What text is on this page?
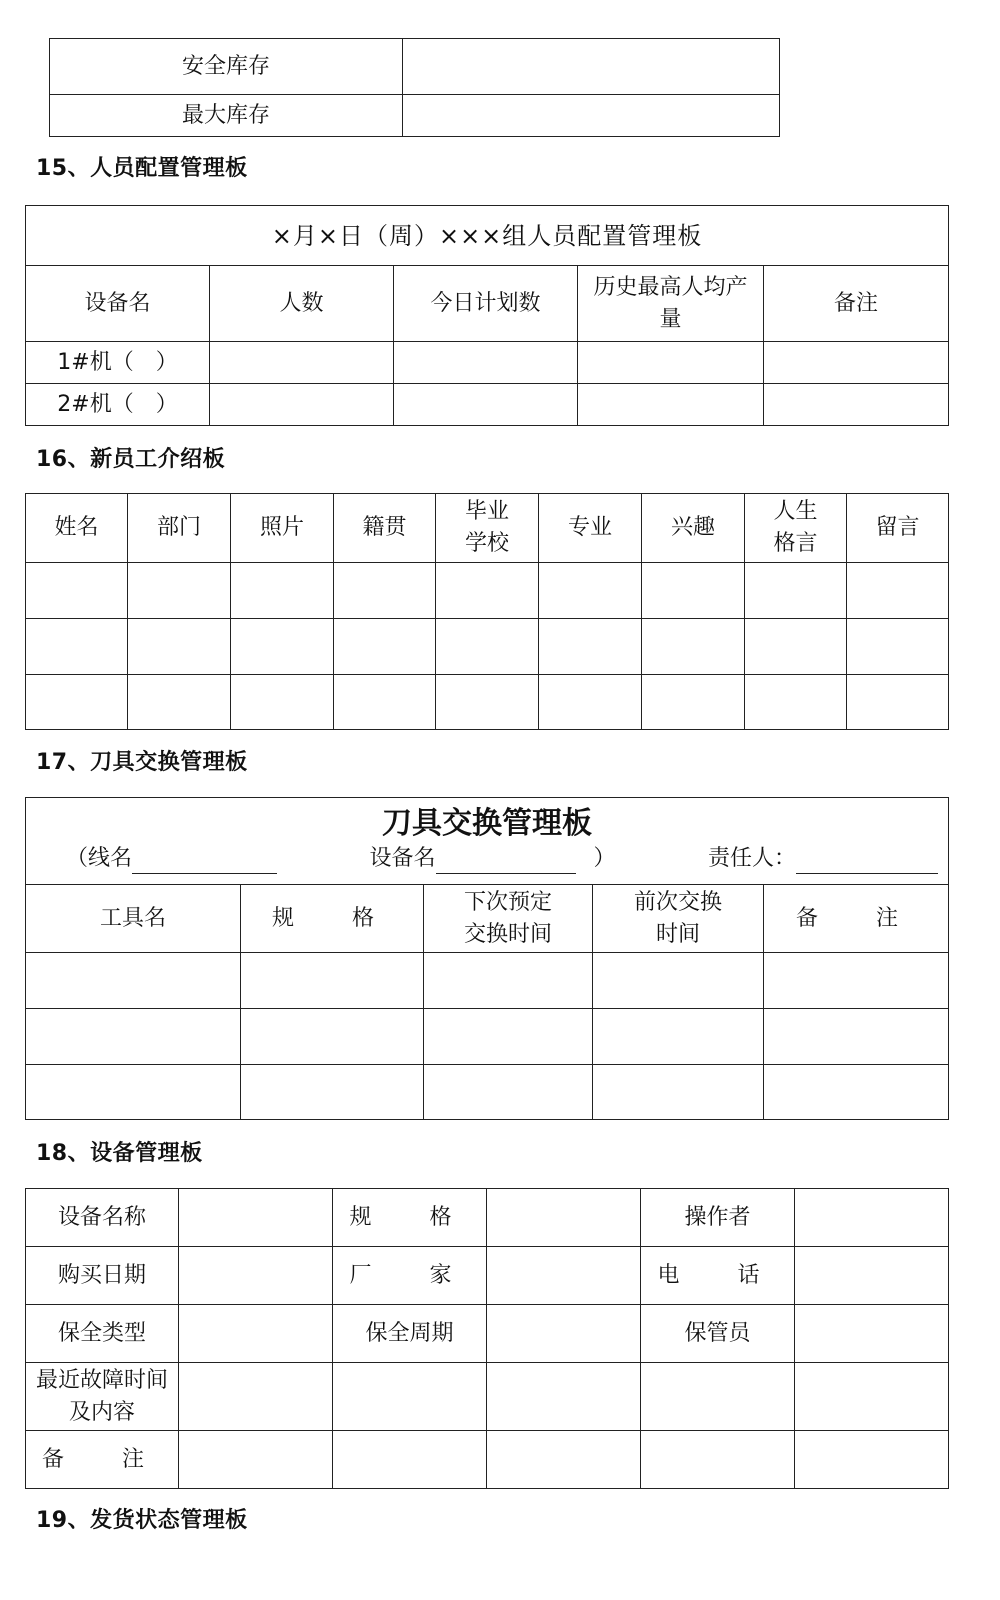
安全库存	
最大库存	
15、人员配置管理板
×月×日（周）×××组人员配置管理板				
设备名	人数	今日计划数	历史最高人均产量	备注
1#机（　）				
2#机（　）				
16、新员工介绍板
姓名	部门	照片	籍贯	毕业学校	专业	兴趣	人生格言	留言

17、刀具交换管理板
刀具交换管理板
（线名 设备名 ） 责任人：				

工具名	规　格	下次预定交换时间	前次交换时间	备　注

18、设备管理板
设备名称		规　格		操作者	
购买日期		厂　家		电　话	
保全类型		保全周期		保管员	
最近故障时间及内容					
备　注					
19、发货状态管理板
